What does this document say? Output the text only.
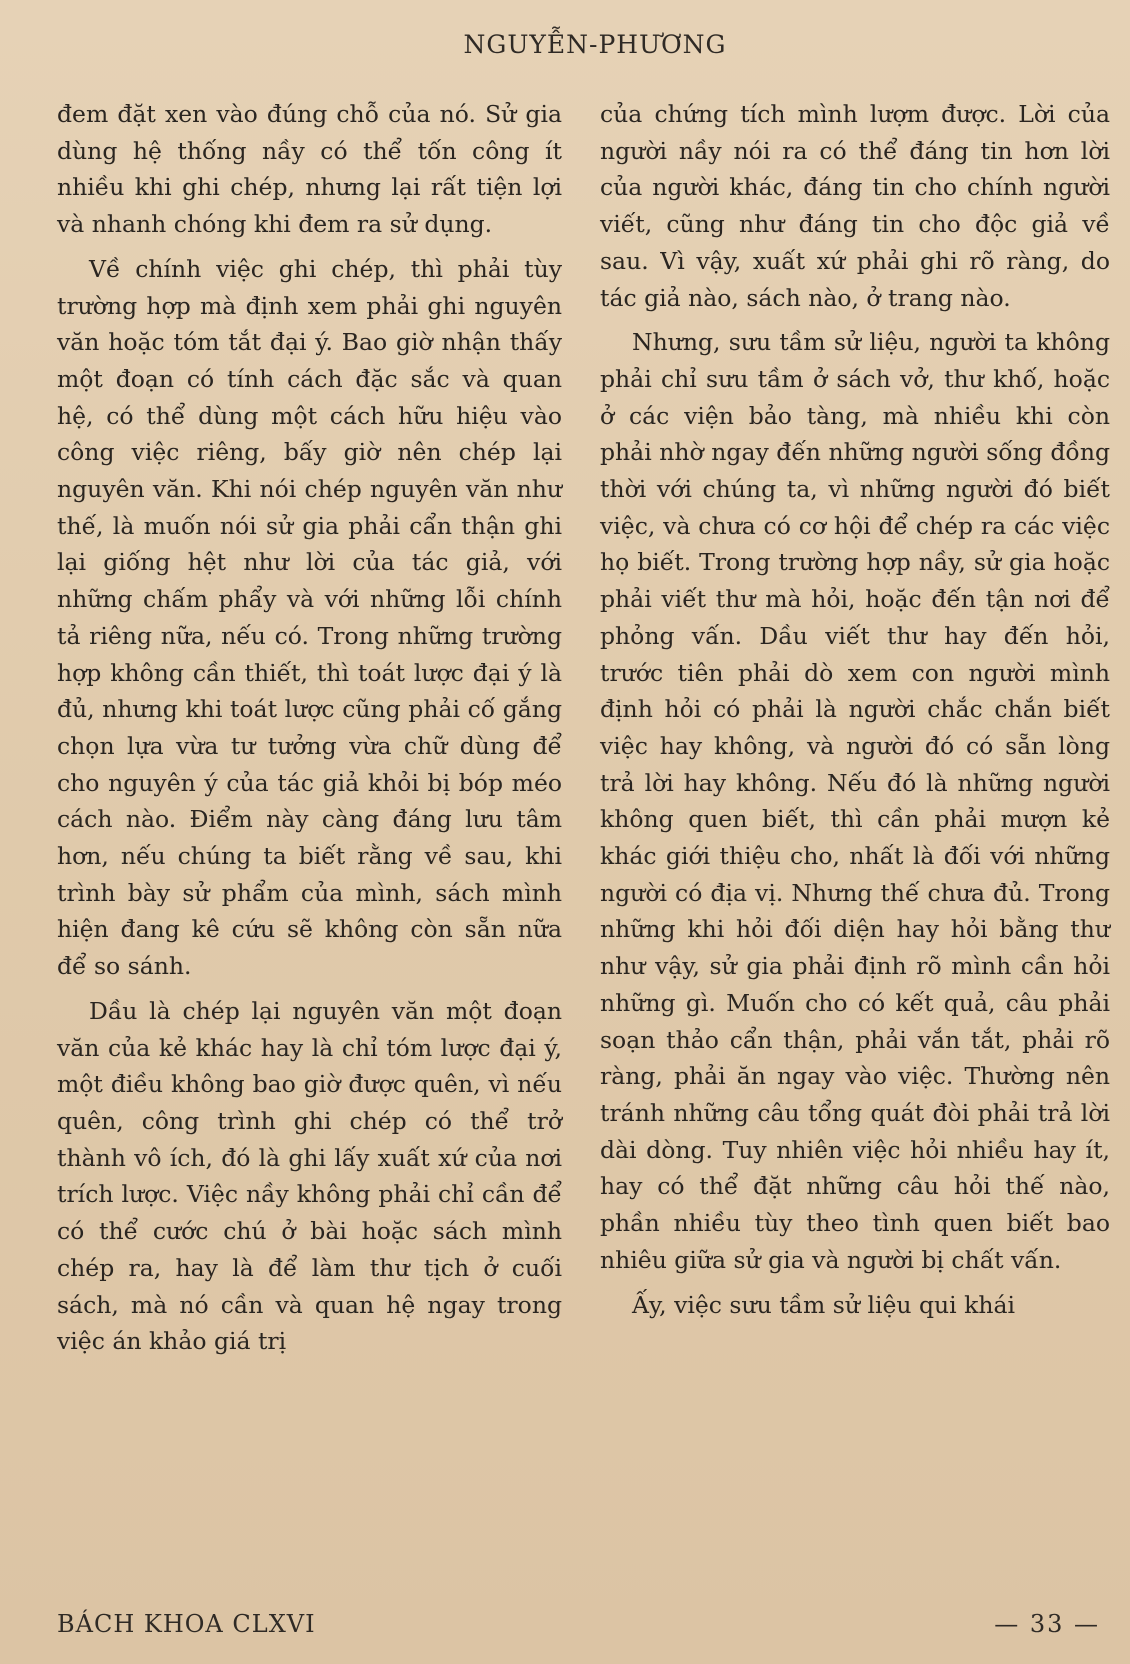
NGUYỄN-PHƯƠNG

đem đặt xen vào đúng chỗ của nó. Sử gia dùng hệ thống nầy có thể tốn công ít nhiều khi ghi chép, nhưng lại rất tiện lợi và nhanh chóng khi đem ra sử dụng.

Về chính việc ghi chép, thì phải tùy trường hợp mà định xem phải ghi nguyên văn hoặc tóm tắt đại ý. Bao giờ nhận thấy một đoạn có tính cách đặc sắc và quan hệ, có thể dùng một cách hữu hiệu vào công việc riêng, bấy giờ nên chép lại nguyên văn. Khi nói chép nguyên văn như thế, là muốn nói sử gia phải cẩn thận ghi lại giống hệt như lời của tác giả, với những chấm phẩy và với những lỗi chính tả riêng nữa, nếu có. Trong những trường hợp không cần thiết, thì toát lược đại ý là đủ, nhưng khi toát lược cũng phải cố gắng chọn lựa vừa tư tưởng vừa chữ dùng để cho nguyên ý của tác giả khỏi bị bóp méo cách nào. Điểm này càng đáng lưu tâm hơn, nếu chúng ta biết rằng về sau, khi trình bày sử phẩm của mình, sách mình hiện đang kê cứu sẽ không còn sẵn nữa để so sánh.

Dầu là chép lại nguyên văn một đoạn văn của kẻ khác hay là chỉ tóm lược đại ý, một điều không bao giờ được quên, vì nếu quên, công trình ghi chép có thể trở thành vô ích, đó là ghi lấy xuất xứ của nơi trích lược. Việc nầy không phải chỉ cần để có thể cước chú ở bài hoặc sách mình chép ra, hay là để làm thư tịch ở cuối sách, mà nó cần và quan hệ ngay trong việc án khảo giá trị

của chứng tích mình lượm được. Lời của người nầy nói ra có thể đáng tin hơn lời của người khác, đáng tin cho chính người viết, cũng như đáng tin cho độc giả về sau. Vì vậy, xuất xứ phải ghi rõ ràng, do tác giả nào, sách nào, ở trang nào.

Nhưng, sưu tầm sử liệu, người ta không phải chỉ sưu tầm ở sách vở, thư khố, hoặc ở các viện bảo tàng, mà nhiều khi còn phải nhờ ngay đến những người sống đồng thời với chúng ta, vì những người đó biết việc, và chưa có cơ hội để chép ra các việc họ biết. Trong trường hợp nầy, sử gia hoặc phải viết thư mà hỏi, hoặc đến tận nơi để phỏng vấn. Dầu viết thư hay đến hỏi, trước tiên phải dò xem con người mình định hỏi có phải là người chắc chắn biết việc hay không, và người đó có sẵn lòng trả lời hay không. Nếu đó là những người không quen biết, thì cần phải mượn kẻ khác giới thiệu cho, nhất là đối với những người có địa vị. Nhưng thế chưa đủ. Trong những khi hỏi đối diện hay hỏi bằng thư như vậy, sử gia phải định rõ mình cần hỏi những gì. Muốn cho có kết quả, câu phải soạn thảo cẩn thận, phải vắn tắt, phải rõ ràng, phải ăn ngay vào việc. Thường nên tránh những câu tổng quát đòi phải trả lời dài dòng. Tuy nhiên việc hỏi nhiều hay ít, hay có thể đặt những câu hỏi thế nào, phần nhiều tùy theo tình quen biết bao nhiêu giữa sử gia và người bị chất vấn.

Ấy, việc sưu tầm sử liệu qui khái

BÁCH KHOA CLXVI	— 33 —
